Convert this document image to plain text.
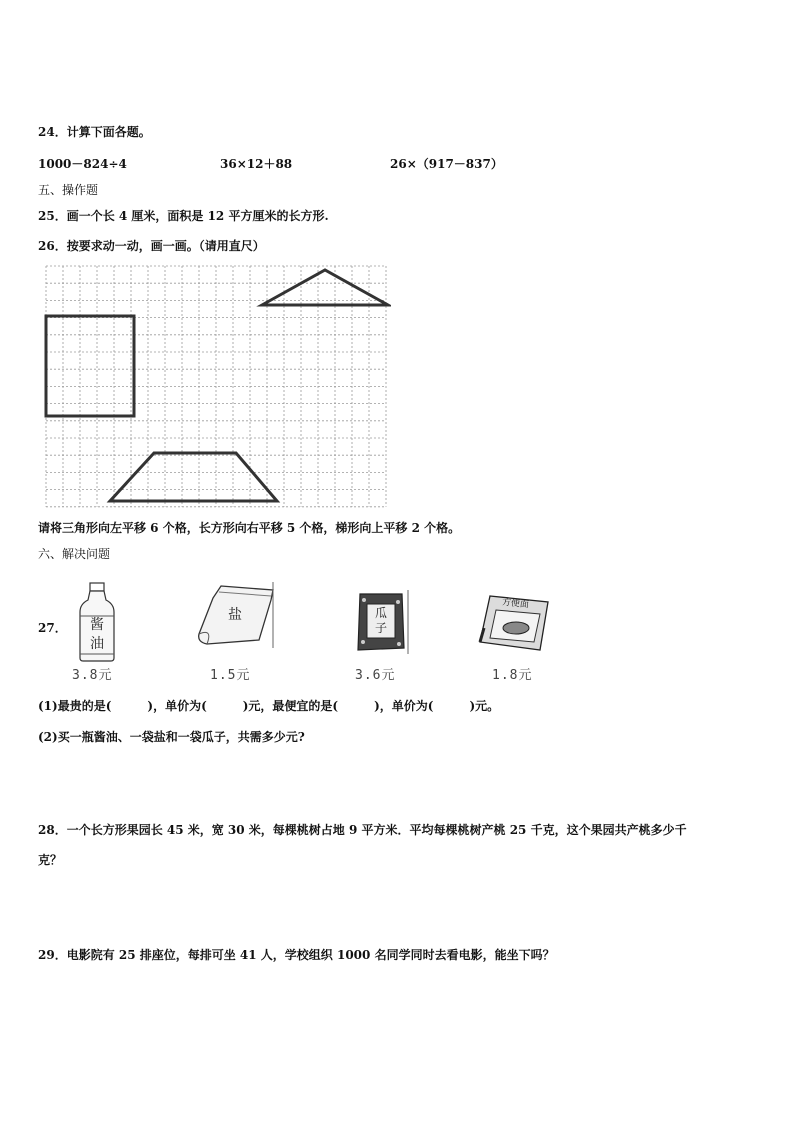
24．计算下面各题。
1000－824÷4	36×12＋88	26×（917－837）
五、操作题
25．画一个长 4 厘米，面积是 12 平方厘米的长方形.
26．按要求动一动，画一画。（请用直尺）
请将三角形向左平移 6 个格，长方形向右平移 5 个格，梯形向上平移 2 个格。
六、解决问题
27．	酱油
3.8元
盐
1.5元
瓜子
3.6元
方便面
1.8元
(1)最贵的是(	)，单价为(	)元，最便宜的是(	)，单价为(	)元。
(2)买一瓶酱油、一袋盐和一袋瓜子，共需多少元?
28．一个长方形果园长 45 米，宽 30 米，每棵桃树占地 9 平方米．平均每棵桃树产桃 25 千克，这个果园共产桃多少千
克？
29．电影院有 25 排座位，每排可坐 41 人，学校组织 1000 名同学同时去看电影，能坐下吗？
